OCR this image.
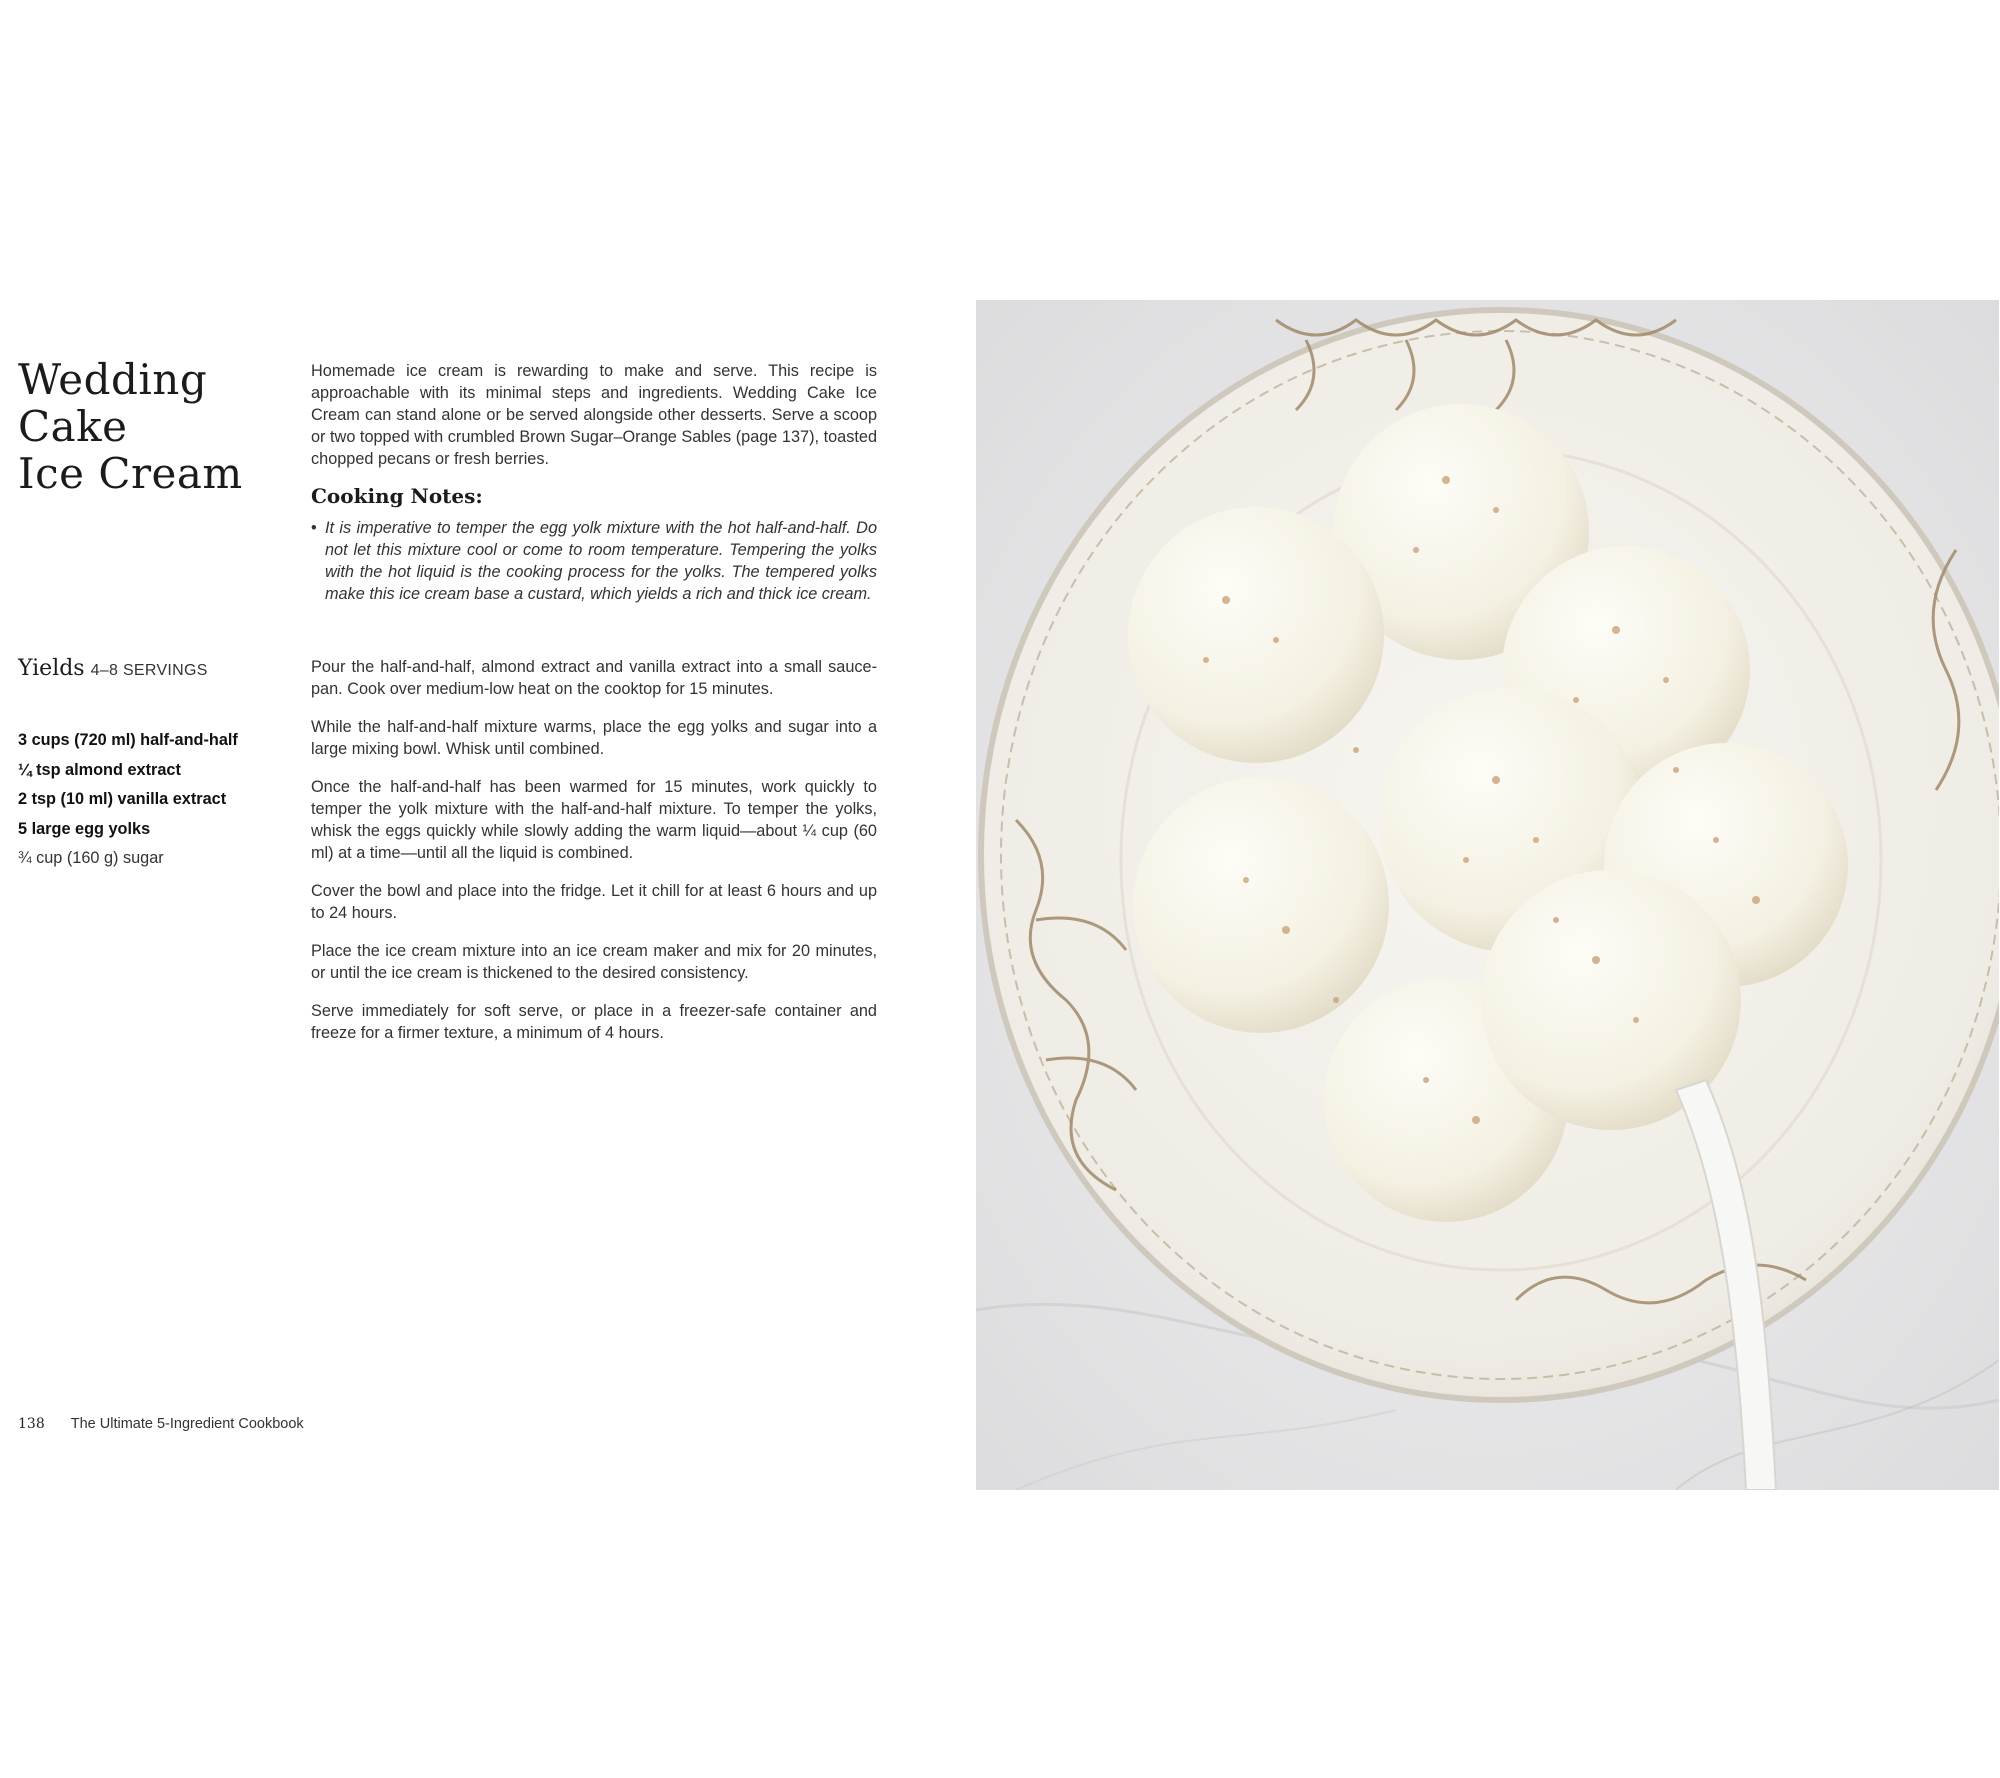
Wedding
Cake
Ice Cream

Homemade ice cream is rewarding to make and serve. This recipe is approachable with its minimal steps and ingredients. Wedding Cake Ice Cream can stand alone or be served alongside other desserts. Serve a scoop or two topped with crumbled Brown Sugar–Orange Sables (page 137), toasted chopped pecans or fresh berries.

Cooking Notes:
• It is imperative to temper the egg yolk mixture with the hot half-and-half. Do not let this mixture cool or come to room temperature. Tempering the yolks with the hot liquid is the cooking process for the yolks. The tempered yolks make this ice cream base a custard, which yields a rich and thick ice cream.
Yields 4–8 SERVINGS
3 cups (720 ml) half-and-half
¼ tsp almond extract
2 tsp (10 ml) vanilla extract
5 large egg yolks
¾ cup (160 g) sugar

Pour the half-and-half, almond extract and vanilla extract into a small sauce-pan. Cook over medium-low heat on the cooktop for 15 minutes.

While the half-and-half mixture warms, place the egg yolks and sugar into a large mixing bowl. Whisk until combined.

Once the half-and-half has been warmed for 15 minutes, work quickly to temper the yolk mixture with the half-and-half mixture. To temper the yolks, whisk the eggs quickly while slowly adding the warm liquid—about ¼ cup (60 ml) at a time—until all the liquid is combined.

Cover the bowl and place into the fridge. Let it chill for at least 6 hours and up to 24 hours.

Place the ice cream mixture into an ice cream maker and mix for 20 minutes, or until the ice cream is thickened to the desired consistency.

Serve immediately for soft serve, or place in a freezer-safe container and freeze for a firmer texture, a minimum of 4 hours.

138 The Ultimate 5-Ingredient Cookbook
